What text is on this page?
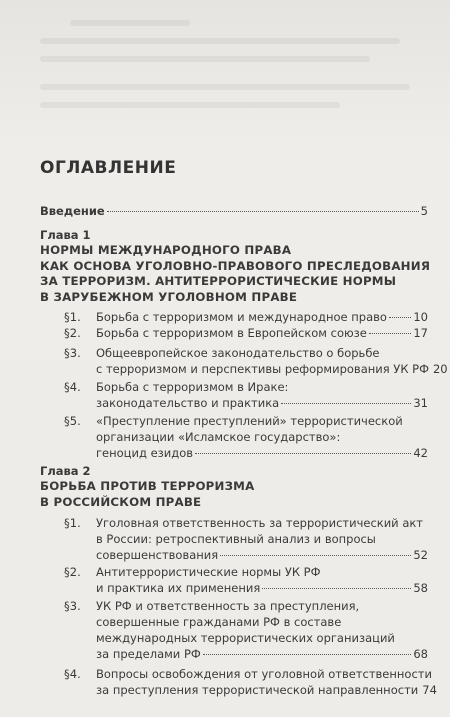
ОГЛАВЛЕНИЕ
Введение	5
Глава 1
НОРМЫ МЕЖДУНАРОДНОГО ПРАВА
КАК ОСНОВА УГОЛОВНО-ПРАВОВОГО ПРЕСЛЕДОВАНИЯ
ЗА ТЕРРОРИЗМ. АНТИТЕРРОРИСТИЧЕСКИЕ НОРМЫ
В ЗАРУБЕЖНОМ УГОЛОВНОМ ПРАВЕ
§1. Борьба с терроризмом и международное право 10
§2. Борьба с терроризмом в Европейском союзе	17
§3. Общеевропейское законодательство о борьбе
с терроризмом и перспективы реформирования УК РФ 20
§4. Борьба с терроризмом в Ираке:
законодательство и практика	31
§5. «Преступление преступлений» террористической
организации «Исламское государство»:
геноцид езидов	42
Глава 2
БОРЬБА ПРОТИВ ТЕРРОРИЗМА
В РОССИЙСКОМ ПРАВЕ
§1. Уголовная ответственность за террористический акт
в России: ретроспективный анализ и вопросы
совершенствования	52
§2. Антитеррористические нормы УК РФ
и практика их применения	58
§3. УК РФ и ответственность за преступления,
совершенные гражданами РФ в составе
международных террористических организаций
за пределами РФ	68
§4. Вопросы освобождения от уголовной ответственности
за преступления террористической направленности 74
